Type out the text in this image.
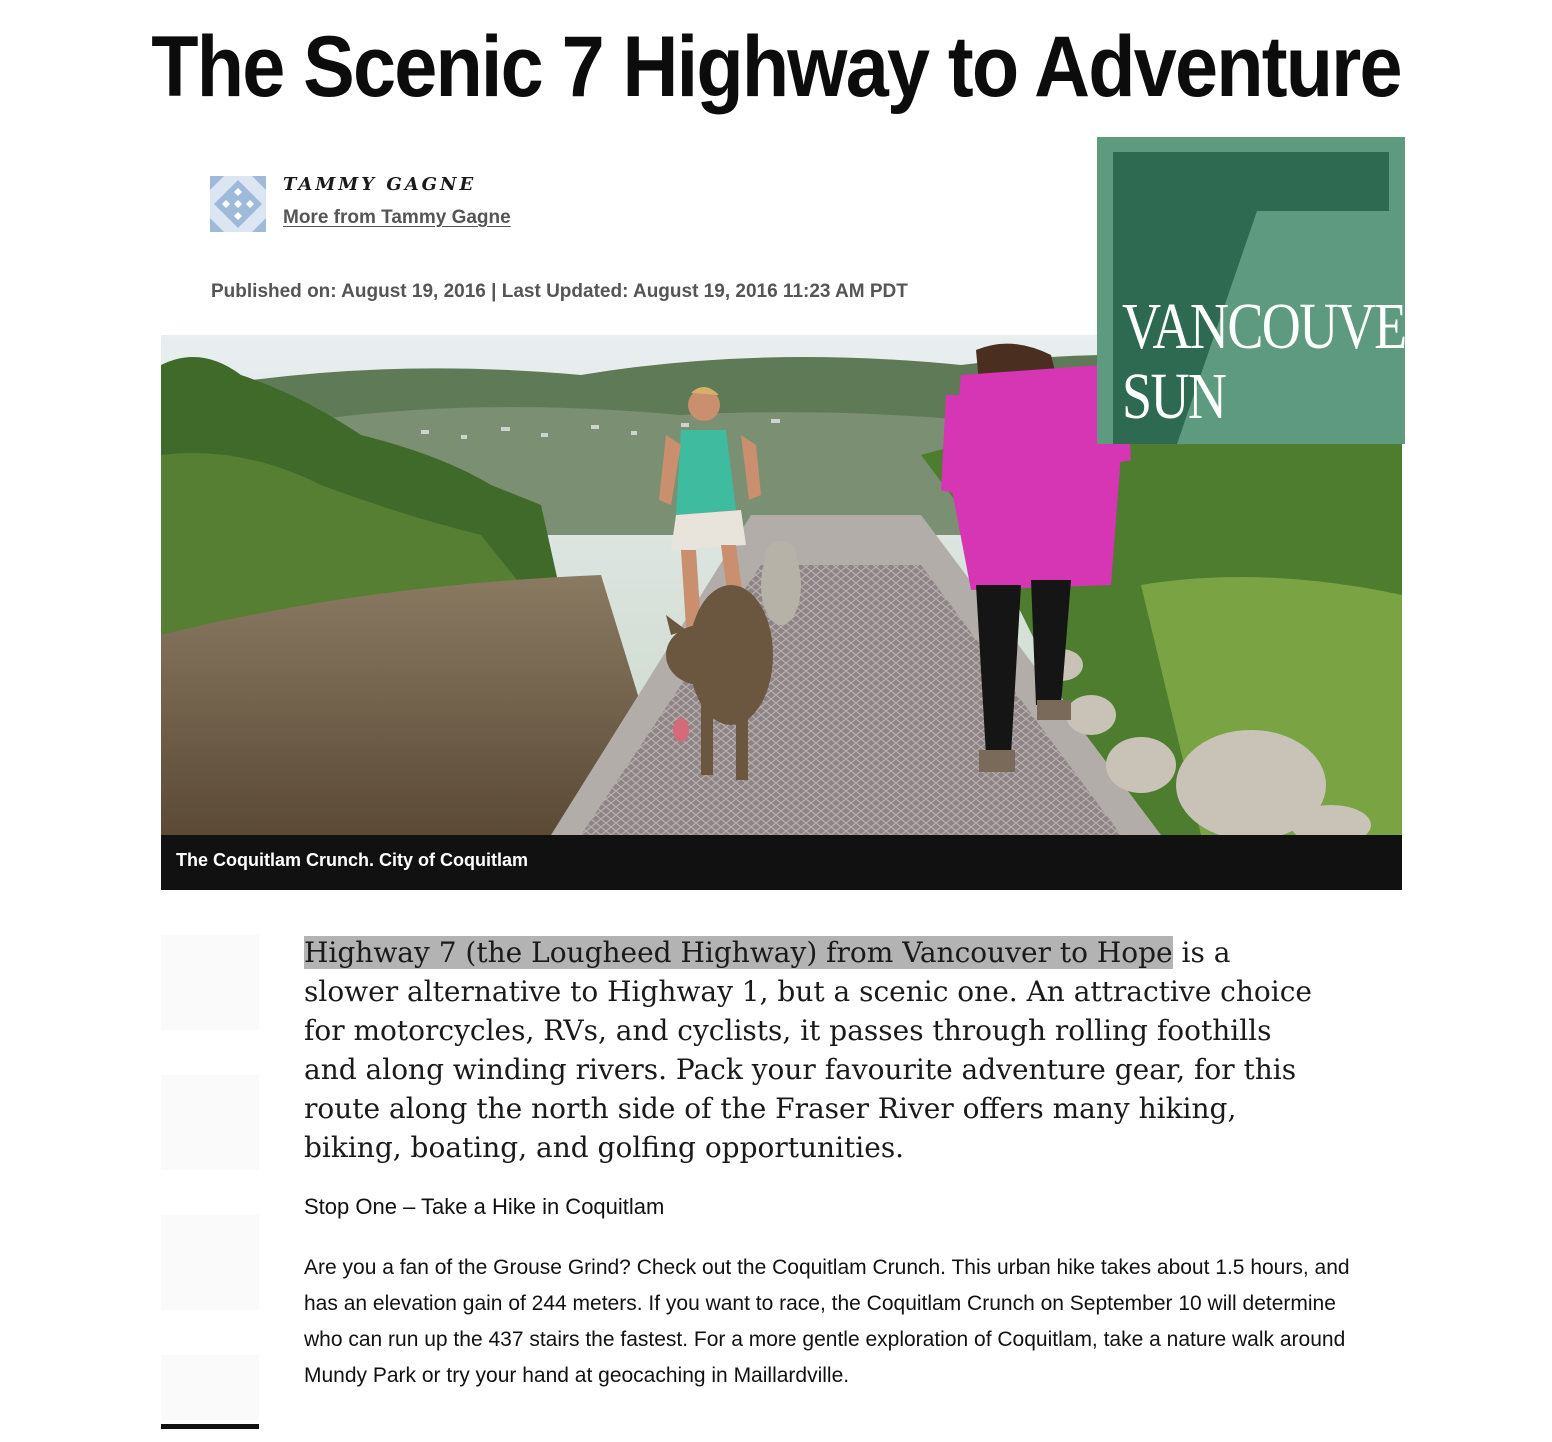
The Scenic 7 Highway to Adventure
TAMMY GAGNE
More from Tammy Gagne
Published on: August 19, 2016 | Last Updated: August 19, 2016 11:23 AM PDT
The Coquitlam Crunch. City of Coquitlam
VANCOUVER
SUN

Highway 7 (the Lougheed Highway) from Vancouver to Hope is a slower alternative to Highway 1, but a scenic one. An attractive choice for motorcycles, RVs, and cyclists, it passes through rolling foothills and along winding rivers. Pack your favourite adventure gear, for this route along the north side of the Fraser River offers many hiking, biking, boating, and golfing opportunities.

Stop One – Take a Hike in Coquitlam

Are you a fan of the Grouse Grind? Check out the Coquitlam Crunch. This urban hike takes about 1.5 hours, and has an elevation gain of 244 meters. If you want to race, the Coquitlam Crunch on September 10 will determine who can run up the 437 stairs the fastest. For a more gentle exploration of Coquitlam, take a nature walk around Mundy Park or try your hand at geocaching in Maillardville.
